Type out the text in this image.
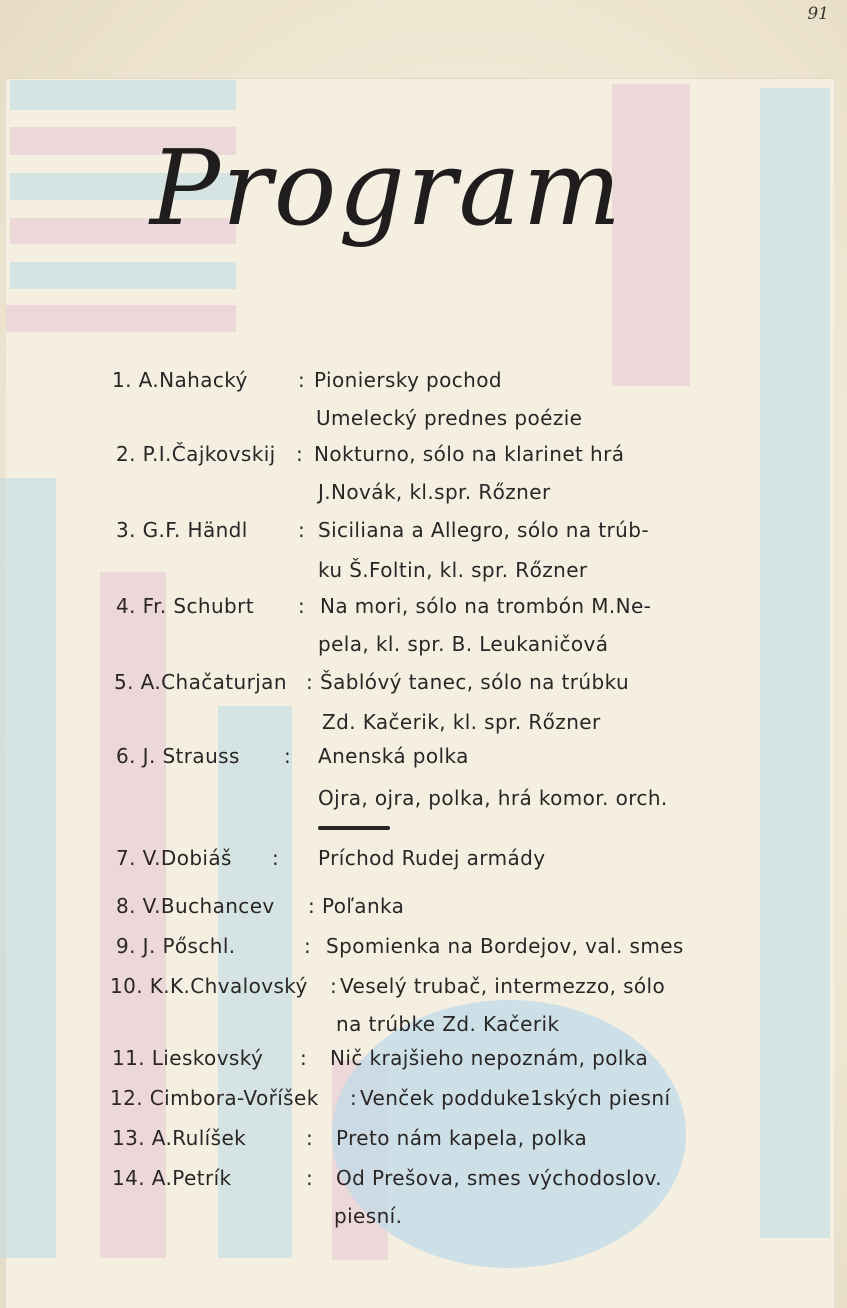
91
Program
1. A.Nahacký	: Pioniersky pochod
Umelecký prednes poézie
2. P.I.Čajkovskij : Nokturno, sólo na klarinet hrá
J.Novák, kl.spr. Rőzner
3. G.F. Händl	: Siciliana a Allegro, sólo na trúb-
ku Š.Foltin, kl. spr. Rőzner
4. Fr. Schubrt : Na mori, sólo na trombón M.Ne-
pela, kl. spr. B. Leukaničová
5. A.Chačaturjan : Šablóvý tanec, sólo na trúbku
Zd. Kačerik, kl. spr. Rőzner
6. J. Strauss : Anenská polka
Ojra, ojra, polka, hrá komor. orch.
7. V.Dobiáš : Príchod Rudej armády
8. V.Buchancev : Poľanka
9. J. Pőschl.	: Spomienka na Bordejov, val. smes
10. K.K.Chvalovský : Veselý trubač, intermezzo, sólo
na trúbke Zd. Kačerik
11. Lieskovský : Nič krajšieho nepoznám, polka
12. Cimbora-Voříšek : Venček podduke1ských piesní
13. A.Rulíšek	: Preto nám kapela, polka
14. A.Petrík	: Od Prešova, smes východoslov.
piesní.
